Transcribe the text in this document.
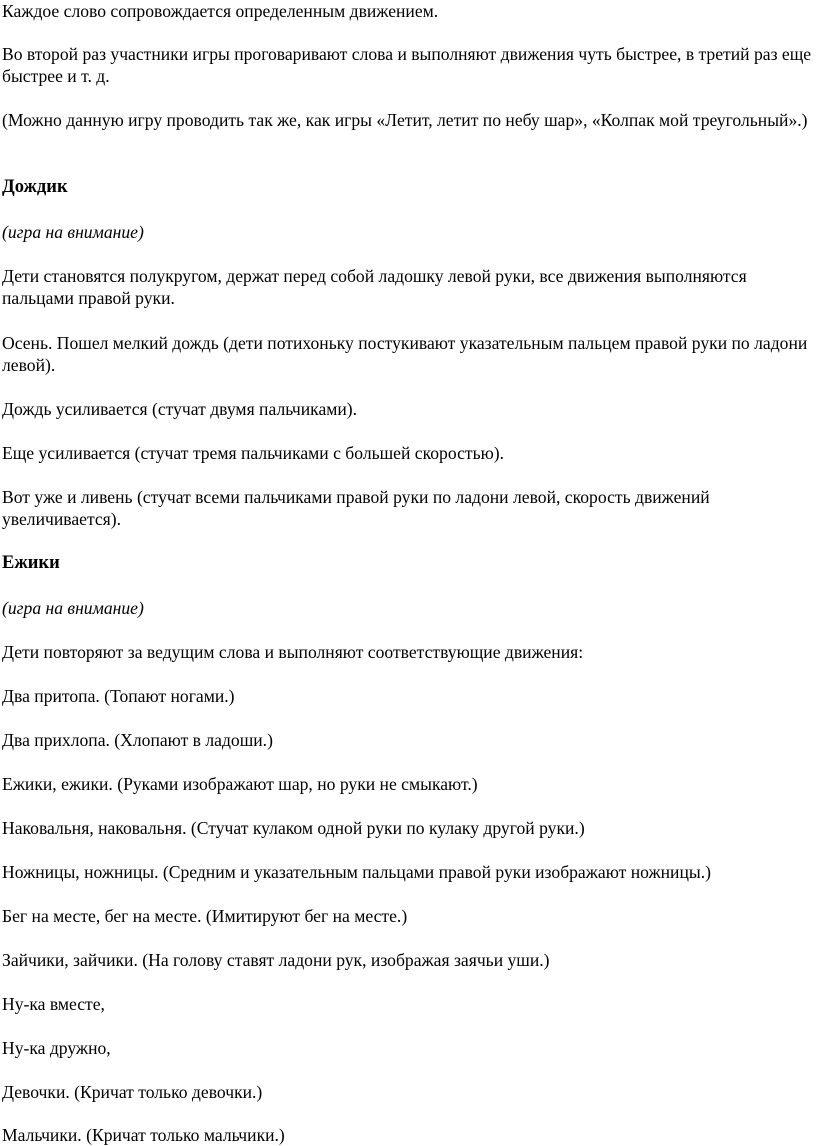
Каждое слово сопровождается определенным движением.

Во второй раз участники игры проговаривают слова и выполняют движения чуть быстрее, в третий раз еще быстрее и т. д.

(Можно данную игру проводить так же, как игры «Летит, летит по небу шар», «Колпак мой треугольный».)

Дождик

(игра на внимание)

Дети становятся полукругом, держат перед собой ладошку левой руки, все движения выполняются пальцами правой руки.

Осень. Пошел мелкий дождь (дети потихоньку постукивают указательным пальцем правой руки по ладони левой).

Дождь усиливается (стучат двумя пальчиками).

Еще усиливается (стучат тремя пальчиками с большей скоростью).

Вот уже и ливень (стучат всеми пальчиками правой руки по ладони левой, скорость движений увеличивается).

Ежики

(игра на внимание)

Дети повторяют за ведущим слова и выполняют соответствующие движения:

Два притопа. (Топают ногами.)

Два прихлопа. (Хлопают в ладоши.)

Ежики, ежики. (Руками изображают шар, но руки не смыкают.)

Наковальня, наковальня. (Стучат кулаком одной руки по кулаку другой руки.)

Ножницы, ножницы. (Средним и указательным пальцами правой руки изображают ножницы.)

Бег на месте, бег на месте. (Имитируют бег на месте.)

Зайчики, зайчики. (На голову ставят ладони рук, изображая заячьи уши.)

Ну-ка вместе,

Ну-ка дружно,

Девочки. (Кричат только девочки.)

Мальчики. (Кричат только мальчики.)
